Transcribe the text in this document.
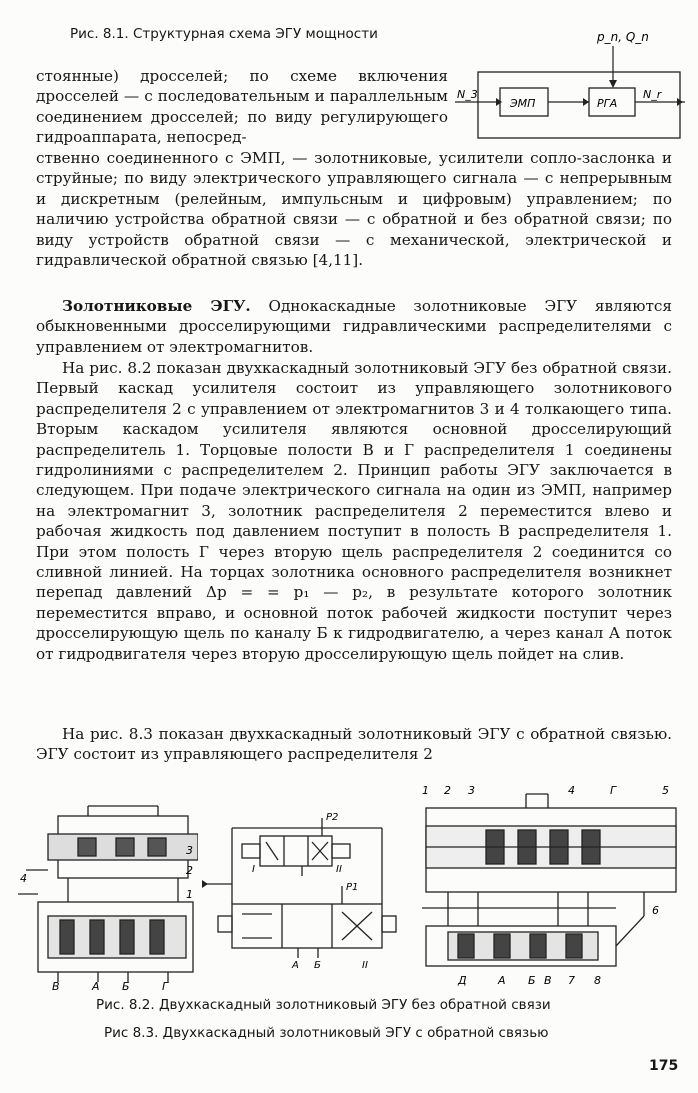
Рис. 8.1. Структурная схема ЭГУ мощности	p_n, Q_n
ЭМП	РГА
N_3	N_r
стоянные) дросселей; по схеме включения дросселей — с последовательным и параллельным соединением дросселей; по виду регулирующего гидроаппарата, непосред-
ственно соединенного с ЭМП, — золотниковые, усилители сопло-заслонка и струйные; по виду электрического управляющего сигнала — с непрерывным и дискретным (релейным, импульсным и цифровым) управлением; по наличию устройства обратной связи — с обратной и без обратной связи; по виду устройств обратной связи — с механической, электрической и гидравлической обратной связью [4,11].
Золотниковые ЭГУ. Однокаскадные золотниковые ЭГУ являются обыкновенными дросселирующими гидравлическими распределителями с управлением от электромагнитов.
На рис. 8.2 показан двухкаскадный золотниковый ЭГУ без обратной связи. Первый каскад усилителя состоит из управляющего золотникового распределителя 2 с управлением от электромагнитов 3 и 4 толкающего типа. Вторым каскадом усилителя являются основной дросселирующий распределитель 1. Торцовые полости В и Г распределителя 1 соединены гидролиниями с распределителем 2. Принцип работы ЭГУ заключается в следующем. При подаче электрического сигнала на один из ЭМП, например на электромагнит 3, золотник распределителя 2 переместится влево и рабочая жидкость под давлением поступит в полость В распределителя 1. При этом полость Г через вторую щель распределителя 2 соединится со сливной линией. На торцах золотника основного распределителя возникнет перепад давлений Δp = = p₁ — p₂, в результате которого золотник переместится вправо, и основной поток рабочей жидкости поступит через дросселирующую щель по каналу Б к гидродвигателю, а через канал А поток от гидродвигателя через вторую дросселирующую щель пойдет на слив.
На рис. 8.3 показан двухкаскадный золотниковый ЭГУ с обратной связью. ЭГУ состоит из управляющего распределителя 2
3
2
4
1
В	А Б	Г
P2
I	II
P1
А Б	II
1 2 3	4	Г	5
6
Д	А Б В 7 8
Рис. 8.2. Двухкаскадный золотниковый ЭГУ без обратной связи
Рис 8.3. Двухкаскадный золотниковый ЭГУ с обратной связью
175
